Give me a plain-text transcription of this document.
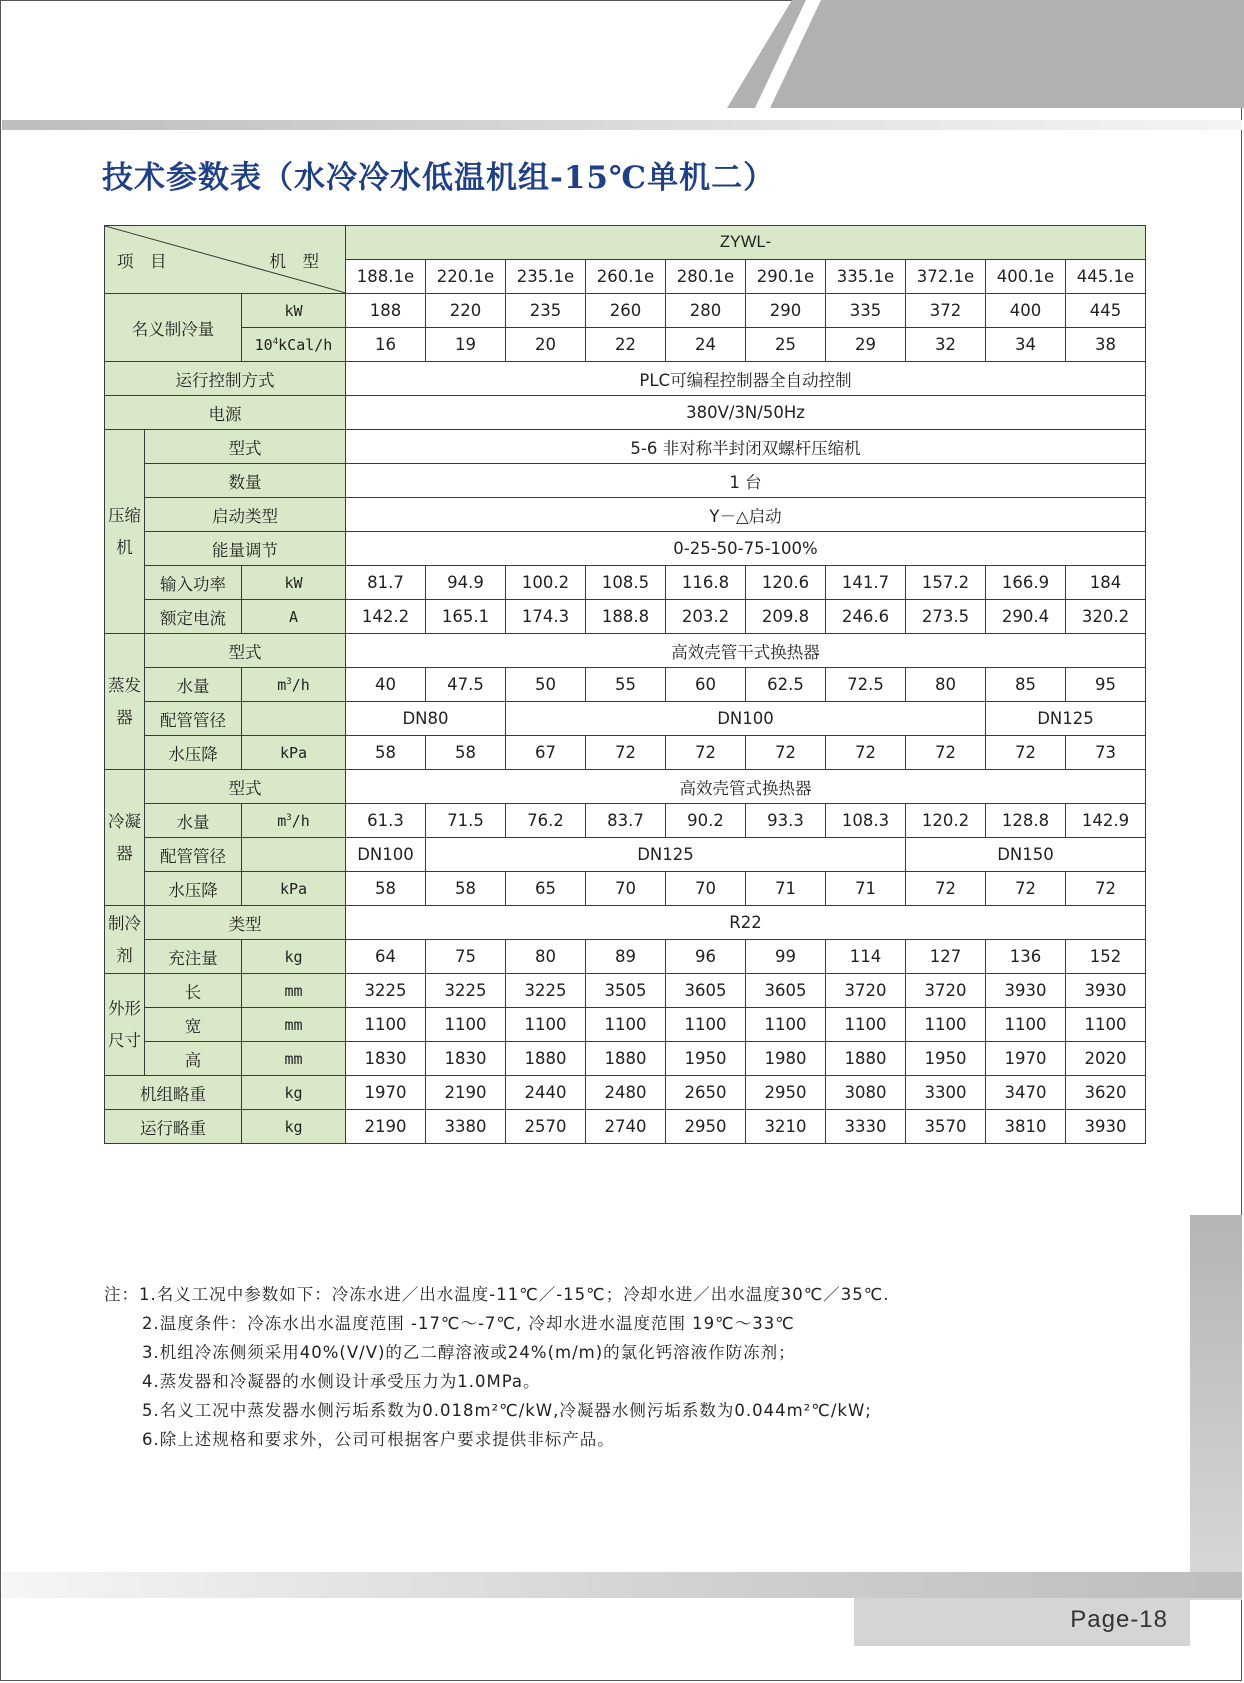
技术参数表（水冷冷水低温机组-15℃单机二）
项　目 机　型			ZYWL-									
			188.1e	220.1e	235.1e	260.1e	280.1e	290.1e	335.1e	372.1e	400.1e	445.1e
名义制冷量		kW	188	220	235	260	280	290	335	372	400	445
		$10^4kCal/h$	16	19	20	22	24	25	29	32	34	38
运行控制方式			PLC可编程控制器全自动控制									
电源			380V/3N/50Hz									
压缩机	型式		5-6 非对称半封闭双螺杆压缩机									
	数量		1 台									
	启动类型		Y－△启动									
	能量调节		0-25-50-75-100%									
	输入功率	kW	81.7	94.9	100.2	108.5	116.8	120.6	141.7	157.2	166.9	184
	额定电流	A	142.2	165.1	174.3	188.8	203.2	209.8	246.6	273.5	290.4	320.2
蒸发器	型式		高效壳管干式换热器									
	水量	$m^3/h$	40	47.5	50	55	60	62.5	72.5	80	85	95
	配管管径		DN80		DN100						DN125	
	水压降	kPa	58	58	67	72	72	72	72	72	72	73
冷凝器	型式		高效壳管式换热器									
	水量	$m^3/h$	61.3	71.5	76.2	83.7	90.2	93.3	108.3	120.2	128.8	142.9
	配管管径		DN100	DN125						DN150		
	水压降	kPa	58	58	65	70	70	71	71	72	72	72
制冷剂	类型		R22									
	充注量	kg	64	75	80	89	96	99	114	127	136	152
外形尺寸	长	mm	3225	3225	3225	3505	3605	3605	3720	3720	3930	3930
	宽	mm	1100	1100	1100	1100	1100	1100	1100	1100	1100	1100
	高	mm	1830	1830	1880	1880	1950	1980	1880	1950	1970	2020
机组略重		kg	1970	2190	2440	2480	2650	2950	3080	3300	3470	3620
运行略重		kg	2190	3380	2570	2740	2950	3210	3330	3570	3810	3930
注：1.名义工况中参数如下：冷冻水进／出水温度-11℃／-15℃；冷却水进／出水温度30℃／35℃.
2.温度条件：冷冻水出水温度范围 -17℃～-7℃, 冷却水进水温度范围 19℃～33℃
3.机组冷冻侧须采用40%(V/V)的乙二醇溶液或24%(m/m)的氯化钙溶液作防冻剂；
4.蒸发器和冷凝器的水侧设计承受压力为1.0MPa。
5.名义工况中蒸发器水侧污垢系数为0.018m²℃/kW,冷凝器水侧污垢系数为0.044m²℃/kW;
6.除上述规格和要求外，公司可根据客户要求提供非标产品。
Page-18
